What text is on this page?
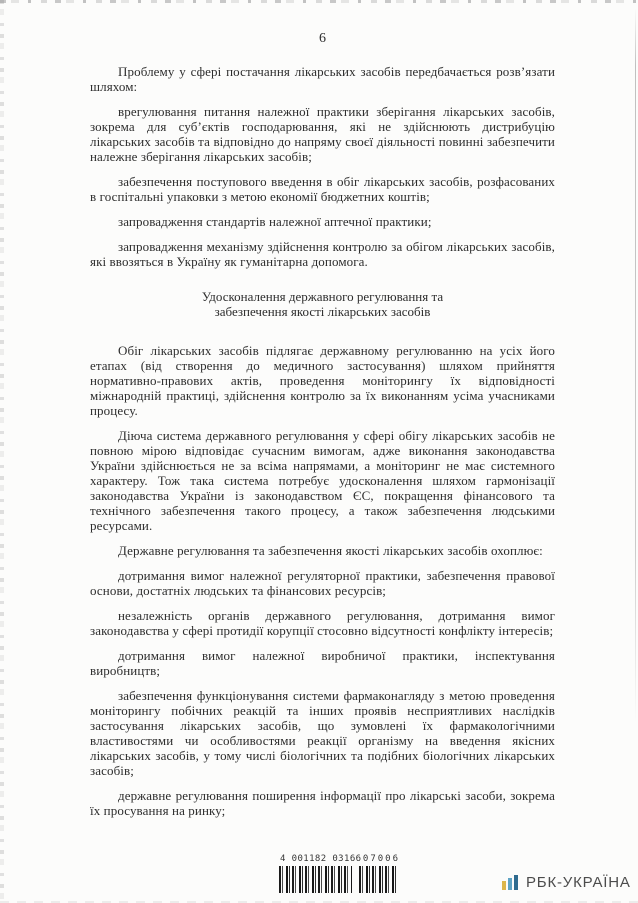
6

Проблему у сфері постачання лікарських засобів передбачається розв’язати шляхом:

врегулювання питання належної практики зберігання лікарських засобів, зокрема для суб’єктів господарювання, які не здійснюють дистрибуцію лікарських засобів та відповідно до напряму своєї діяльності повинні забезпечити належне зберігання лікарських засобів;

забезпечення поступового введення в обіг лікарських засобів, розфасованих в госпітальні упаковки з метою економії бюджетних коштів;

запровадження стандартів належної аптечної практики;

запровадження механізму здійснення контролю за обігом лікарських засобів, які ввозяться в Україну як гуманітарна допомога.

Удосконалення державного регулювання та
забезпечення якості лікарських засобів

Обіг лікарських засобів підлягає державному регулюванню на усіх його етапах (від створення до медичного застосування) шляхом прийняття нормативно-правових актів, проведення моніторингу їх відповідності міжнародній практиці, здійснення контролю за їх виконанням усіма учасниками процесу.

Діюча система державного регулювання у сфері обігу лікарських засобів не повною мірою відповідає сучасним вимогам, адже виконання законодавства України здійснюється не за всіма напрямами, а моніторинг не має системного характеру. Тож така система потребує удосконалення шляхом гармонізації законодавства України із законодавством ЄС, покращення фінансового та технічного забезпечення такого процесу, а також забезпечення людськими ресурсами.

Державне регулювання та забезпечення якості лікарських засобів охоплює:

дотримання вимог належної регуляторної практики, забезпечення правової основи, достатніх людських та фінансових ресурсів;

незалежність органів державного регулювання, дотримання вимог законодавства у сфері протидії корупції стосовно відсутності конфлікту інтересів;

дотримання вимог належної виробничої практики, інспектування виробництв;

забезпечення функціонування системи фармаконагляду з метою проведення моніторингу побічних реакцій та інших проявів несприятливих наслідків застосування лікарських засобів, що зумовлені їх фармакологічними властивостями чи особливостями реакції організму на введення якісних лікарських засобів, у тому числі біологічних та подібних біологічних лікарських засобів;

державне регулювання поширення інформації про лікарські засоби, зокрема їх просування на ринку;

4 001182 03166 07006
РБК-УКРАЇНА
